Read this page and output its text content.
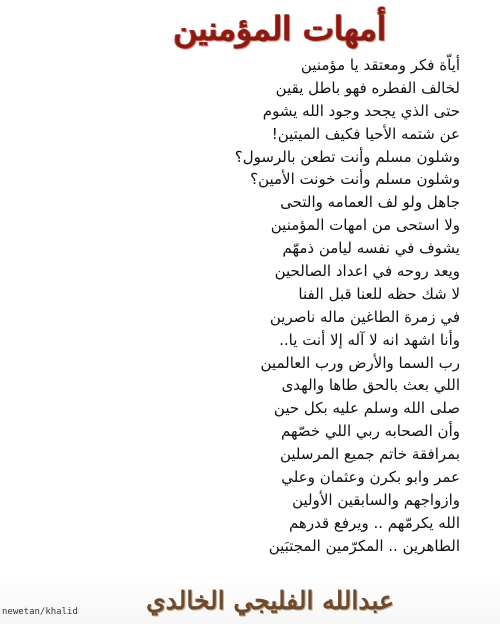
أمهات المؤمنين
أياّة فكر ومعتقد يا مؤمنين
لخالف الفطره فهو باطل يقين
حتى الذي يجحد وجود الله يشوم
عن شتمه الأحيا فكيف الميتين!
وشلون مسلم وأنت تطعن بالرسول؟
وشلون مسلم وأنت خونت الأمين؟
جاهل ولو لف العمامه والتحى
ولا استحى من امهات المؤمنين
يشوف في نفسه ليامن ذمهّم
ويعد روحه في اعداد الصالحين
لا شك حظه للعنا قبل الفنا
في زمرة الطاغين ماله ناصرين
وأنا اشهد انه لا آله إلا أنت يا..
رب السما والأرض ورب العالمين
اللي بعث بالحق طاها والهدى
صلى الله وسلم عليه بكل حين
وأن الصحابه ربي اللي خصّهم
بمرافقة خاتم جميع المرسلين
عمر وابو بكرن وعثمان وعلي
وازواجهم والسابقين الأولين
الله يكرمّهم .. ويرفع قدرهم
الطاهرين .. المكرّمين المجتبَين
عبدالله الفليجي الخالدي
newetan/khalid
